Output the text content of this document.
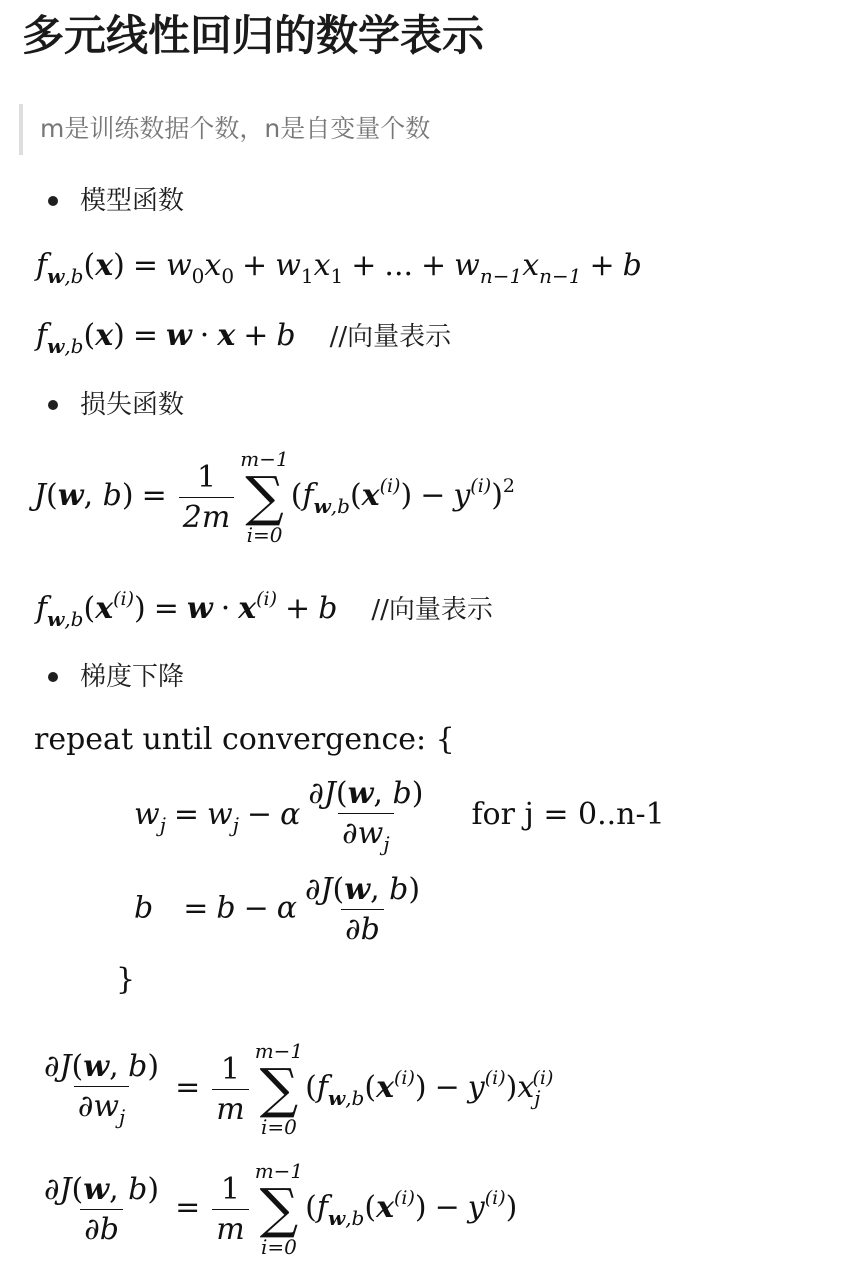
多元线性回归的数学表示
m是训练数据个数，n是自变量个数
模型函数
$f_{w,b}(x) = w_0x_0 + w_1x_1$ + ... + $w_{n-1}x_{n-1} + b$
$f_{w,b}(x) = w \cdot x + b$ //向量表示
损失函数
J(w, $b) = \frac{1}{2m}$
m−1
∑
i=0
$(f_{w,b}(x^{(i)}) - y^{(i)})^2$
$f_{w,b}(x^{(i)}) = w \cdot x^{(i)} + b$ //向量表示
梯度下降
repeat until convergence: {
$w_j = w_j - \alpha \frac{\partial J(w, b)}{\partial w_j}$ for j = 0..n-1
b = b − α $\frac{\partial J(w, b)}{\partial b}$
}
$\frac{\partial J(w, b)}{\partial w_j} = \frac{1}{m}$
m−1
∑
i=0
$(f_{w,b}(x^{(i)}) - y^{(i)})x_j^{(i)}$
$\frac{\partial J(w, b)}{\partial b} = \frac{1}{m}$
m−1
∑
i=0
$(f_{w,b}(x^{(i)}) - y^{(i)})$
